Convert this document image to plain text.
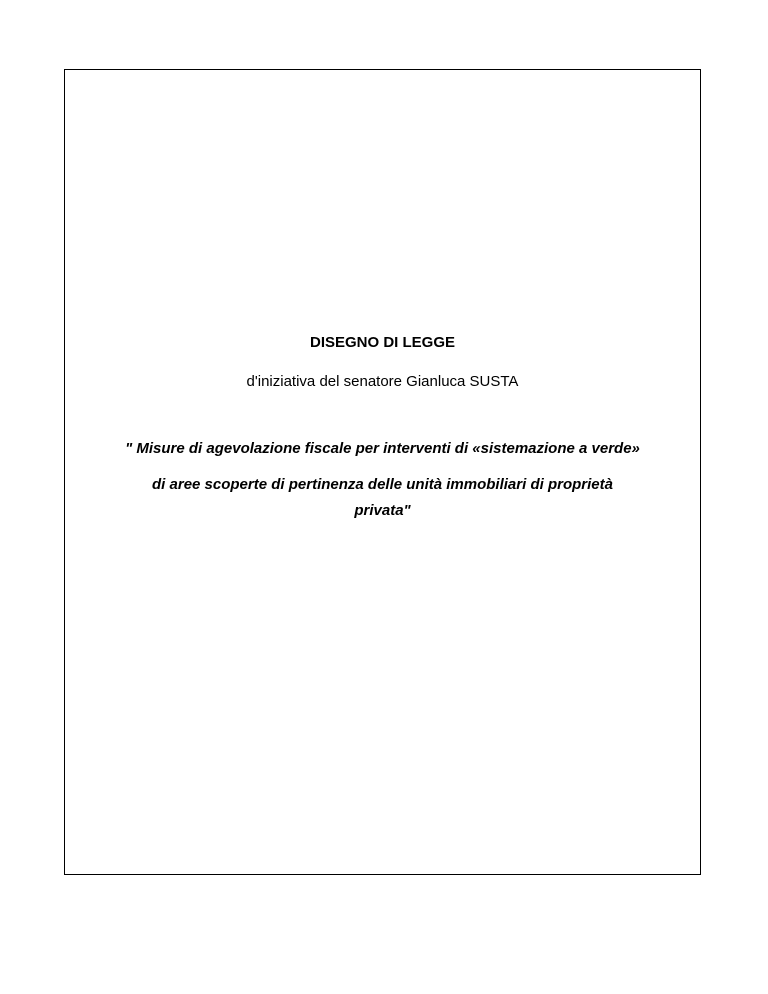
DISEGNO DI LEGGE
d'iniziativa del senatore Gianluca SUSTA
" Misure di agevolazione fiscale per interventi di «sistemazione a verde»
di aree scoperte di pertinenza delle unità immobiliari di proprietà
privata"
